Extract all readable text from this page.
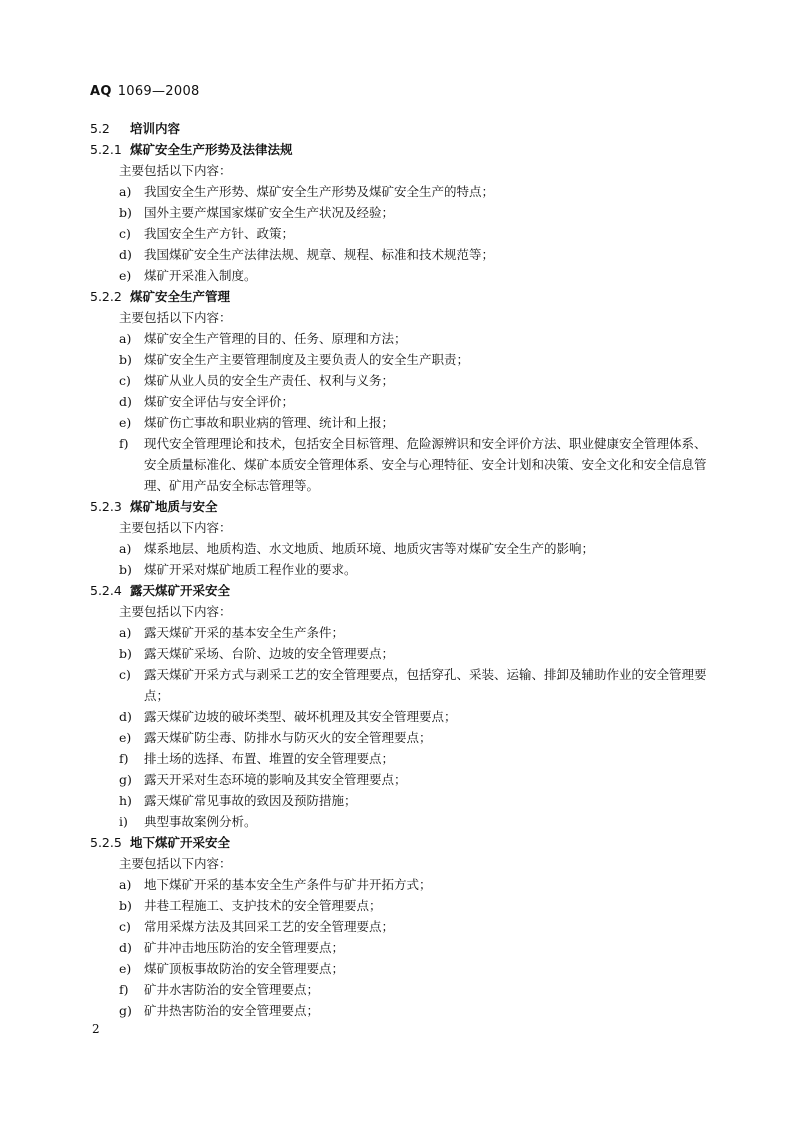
AQ 1069—2008
5.2 培训内容
5.2.1 煤矿安全生产形势及法律法规
主要包括以下内容：
a) 我国安全生产形势、煤矿安全生产形势及煤矿安全生产的特点；
b) 国外主要产煤国家煤矿安全生产状况及经验；
c) 我国安全生产方针、政策；
d) 我国煤矿安全生产法律法规、规章、规程、标准和技术规范等；
e) 煤矿开采准入制度。
5.2.2 煤矿安全生产管理
主要包括以下内容：
a) 煤矿安全生产管理的目的、任务、原理和方法；
b) 煤矿安全生产主要管理制度及主要负责人的安全生产职责；
c) 煤矿从业人员的安全生产责任、权利与义务；
d) 煤矿安全评估与安全评价；
e) 煤矿伤亡事故和职业病的管理、统计和上报；
f) 现代安全管理理论和技术，包括安全目标管理、危险源辨识和安全评价方法、职业健康安全管理体系、安全质量标准化、煤矿本质安全管理体系、安全与心理特征、安全计划和决策、安全文化和安全信息管理、矿用产品安全标志管理等。
5.2.3 煤矿地质与安全
主要包括以下内容：
a) 煤系地层、地质构造、水文地质、地质环境、地质灾害等对煤矿安全生产的影响；
b) 煤矿开采对煤矿地质工程作业的要求。
5.2.4 露天煤矿开采安全
主要包括以下内容：
a) 露天煤矿开采的基本安全生产条件；
b) 露天煤矿采场、台阶、边坡的安全管理要点；
c) 露天煤矿开采方式与剥采工艺的安全管理要点，包括穿孔、采装、运输、排卸及辅助作业的安全管理要点；
d) 露天煤矿边坡的破坏类型、破坏机理及其安全管理要点；
e) 露天煤矿防尘毒、防排水与防灭火的安全管理要点；
f) 排土场的选择、布置、堆置的安全管理要点；
g) 露天开采对生态环境的影响及其安全管理要点；
h) 露天煤矿常见事故的致因及预防措施；
i) 典型事故案例分析。
5.2.5 地下煤矿开采安全
主要包括以下内容：
a) 地下煤矿开采的基本安全生产条件与矿井开拓方式；
b) 井巷工程施工、支护技术的安全管理要点；
c) 常用采煤方法及其回采工艺的安全管理要点；
d) 矿井冲击地压防治的安全管理要点；
e) 煤矿顶板事故防治的安全管理要点；
f) 矿井水害防治的安全管理要点；
g) 矿井热害防治的安全管理要点；
2
